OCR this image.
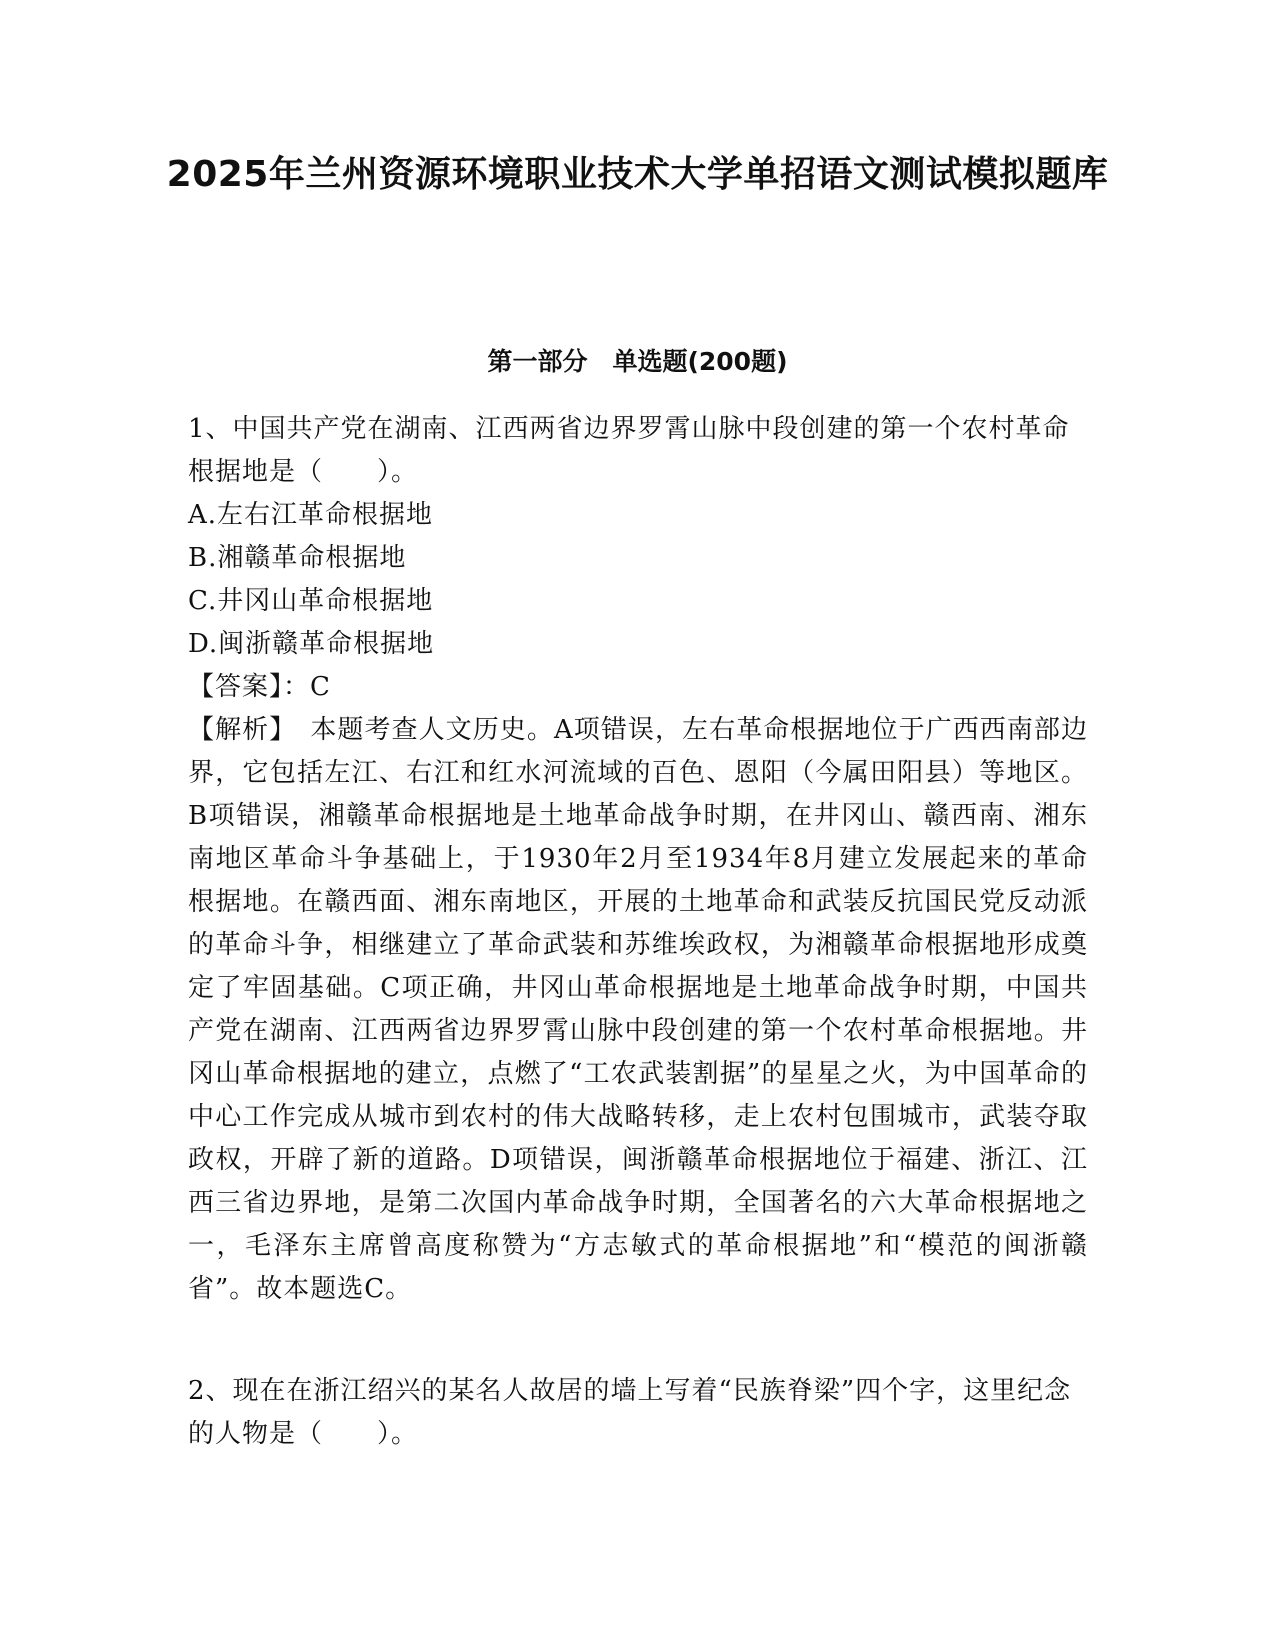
2025年兰州资源环境职业技术大学单招语文测试模拟题库
第一部分　单选题(200题)

1、中国共产党在湖南、江西两省边界罗霄山脉中段创建的第一个农村革命根据地是（　　）。

A.左右江革命根据地

B.湘赣革命根据地

C.井冈山革命根据地

D.闽浙赣革命根据地

【答案】：C

【解析】　本题考查人文历史。A项错误，左右革命根据地位于广西西南部边界，它包括左江、右江和红水河流域的百色、恩阳（今属田阳县）等地区。B项错误，湘赣革命根据地是土地革命战争时期，在井冈山、赣西南、湘东南地区革命斗争基础上，于1930年2月至1934年8月建立发展起来的革命根据地。在赣西面、湘东南地区，开展的土地革命和武装反抗国民党反动派的革命斗争，相继建立了革命武装和苏维埃政权，为湘赣革命根据地形成奠定了牢固基础。C项正确，井冈山革命根据地是土地革命战争时期，中国共产党在湖南、江西两省边界罗霄山脉中段创建的第一个农村革命根据地。井冈山革命根据地的建立，点燃了“工农武装割据”的星星之火，为中国革命的中心工作完成从城市到农村的伟大战略转移，走上农村包围城市，武装夺取政权，开辟了新的道路。D项错误，闽浙赣革命根据地位于福建、浙江、江西三省边界地，是第二次国内革命战争时期，全国著名的六大革命根据地之一，毛泽东主席曾高度称赞为“方志敏式的革命根据地”和“模范的闽浙赣省”。故本题选C。

2、现在在浙江绍兴的某名人故居的墙上写着“民族脊梁”四个字，这里纪念的人物是（　　）。
